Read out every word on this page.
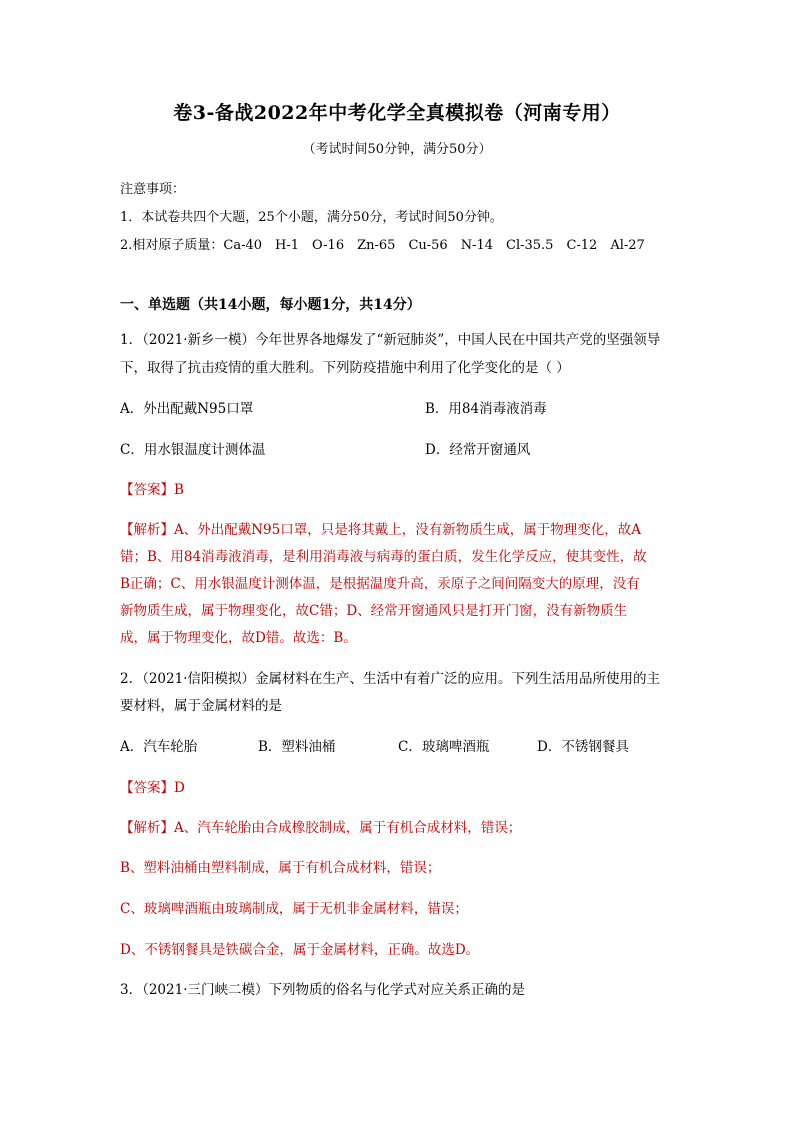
卷3-备战2022年中考化学全真模拟卷（河南专用）
（考试时间50分钟，满分50分）
注意事项：
1．本试卷共四个大题，25个小题，满分50分，考试时间50分钟。
2.相对原子质量：Ca-40　H-1　O-16　Zn-65　Cu-56　N-14　Cl-35.5　C-12　Al-27
一、单选题（共14小题，每小题1分，共14分）
1．（2021·新乡一模）今年世界各地爆发了“新冠肺炎”，中国人民在中国共产党的坚强领导
下，取得了抗击疫情的重大胜利。下列防疫措施中利用了化学变化的是（ ）
A．外出配戴N95口罩	B．用84消毒液消毒
C．用水银温度计测体温	D．经常开窗通风
【答案】B
【解析】A、外出配戴N95口罩，只是将其戴上，没有新物质生成，属于物理变化，故A
错；B、用84消毒液消毒，是利用消毒液与病毒的蛋白质，发生化学反应，使其变性，故
B正确；C、用水银温度计测体温，是根据温度升高，汞原子之间间隔变大的原理，没有
新物质生成，属于物理变化，故C错；D、经常开窗通风只是打开门窗，没有新物质生
成，属于物理变化，故D错。故选：B。
2．（2021·信阳模拟）金属材料在生产、生活中有着广泛的应用。下列生活用品所使用的主
要材料，属于金属材料的是
A．汽车轮胎	B．塑料油桶	C．玻璃啤酒瓶	D．不锈钢餐具
【答案】D
【解析】A、汽车轮胎由合成橡胶制成，属于有机合成材料，错误；
B、塑料油桶由塑料制成，属于有机合成材料，错误；
C、玻璃啤酒瓶由玻璃制成，属于无机非金属材料，错误；
D、不锈钢餐具是铁碳合金，属于金属材料，正确。故选D。
3．（2021·三门峡二模）下列物质的俗名与化学式对应关系正确的是
